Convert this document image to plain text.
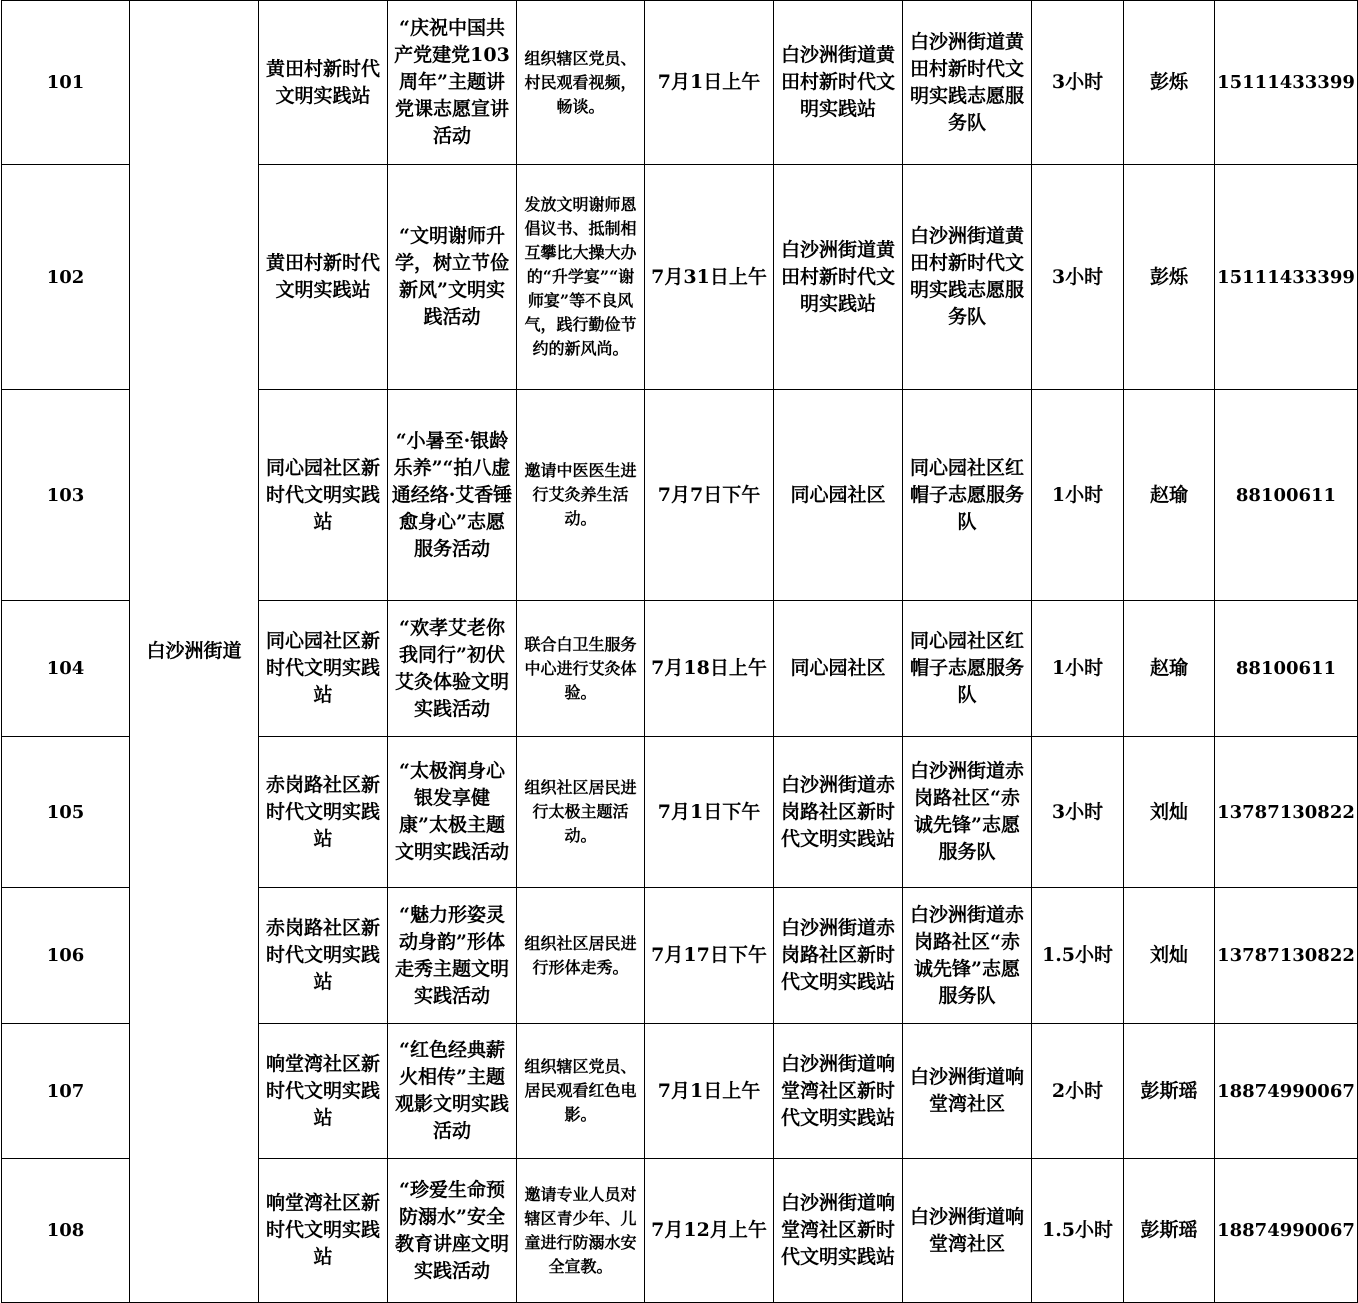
101	白沙洲街道	黄田村新时代文明实践站	“庆祝中国共产党建党103周年”主题讲党课志愿宣讲活动	组织辖区党员、村民观看视频，畅谈。	7月1日上午	白沙洲街道黄田村新时代文明实践站	白沙洲街道黄田村新时代文明实践志愿服务队	3小时	彭烁	15111433399
102		黄田村新时代文明实践站	“文明谢师升学，树立节俭新风”文明实践活动	发放文明谢师恩倡议书、抵制相互攀比大操大办的“升学宴”“谢师宴”等不良风气，践行勤俭节约的新风尚。	7月31日上午	白沙洲街道黄田村新时代文明实践站	白沙洲街道黄田村新时代文明实践志愿服务队	3小时	彭烁	15111433399
103		同心园社区新时代文明实践站	“小暑至·银龄乐养”“拍八虚通经络·艾香锤愈身心”志愿服务活动	邀请中医医生进行艾灸养生活动。	7月7日下午	同心园社区	同心园社区红帽子志愿服务队	1小时	赵瑜	88100611
104		同心园社区新时代文明实践站	“欢孝艾老你我同行”初伏艾灸体验文明实践活动	联合白卫生服务中心进行艾灸体验。	7月18日上午	同心园社区	同心园社区红帽子志愿服务队	1小时	赵瑜	88100611
105		赤岗路社区新时代文明实践站	“太极润身心 银发享健康”太极主题文明实践活动	组织社区居民进行太极主题活动。	7月1日下午	白沙洲街道赤岗路社区新时代文明实践站	白沙洲街道赤岗路社区“赤诚先锋”志愿服务队	3小时	刘灿	13787130822
106		赤岗路社区新时代文明实践站	“魅力形姿灵动身韵”形体走秀主题文明实践活动	组织社区居民进行形体走秀。	7月17日下午	白沙洲街道赤岗路社区新时代文明实践站	白沙洲街道赤岗路社区“赤诚先锋”志愿服务队	1.5小时	刘灿	13787130822
107		响堂湾社区新时代文明实践站	“红色经典薪火相传”主题观影文明实践活动	组织辖区党员、居民观看红色电影。	7月1日上午	白沙洲街道响堂湾社区新时代文明实践站	白沙洲街道响堂湾社区	2小时	彭斯瑶	18874990067
108		响堂湾社区新时代文明实践站	“珍爱生命预防溺水”安全教育讲座文明实践活动	邀请专业人员对辖区青少年、儿童进行防溺水安全宣教。	7月12月上午	白沙洲街道响堂湾社区新时代文明实践站	白沙洲街道响堂湾社区	1.5小时	彭斯瑶	18874990067
